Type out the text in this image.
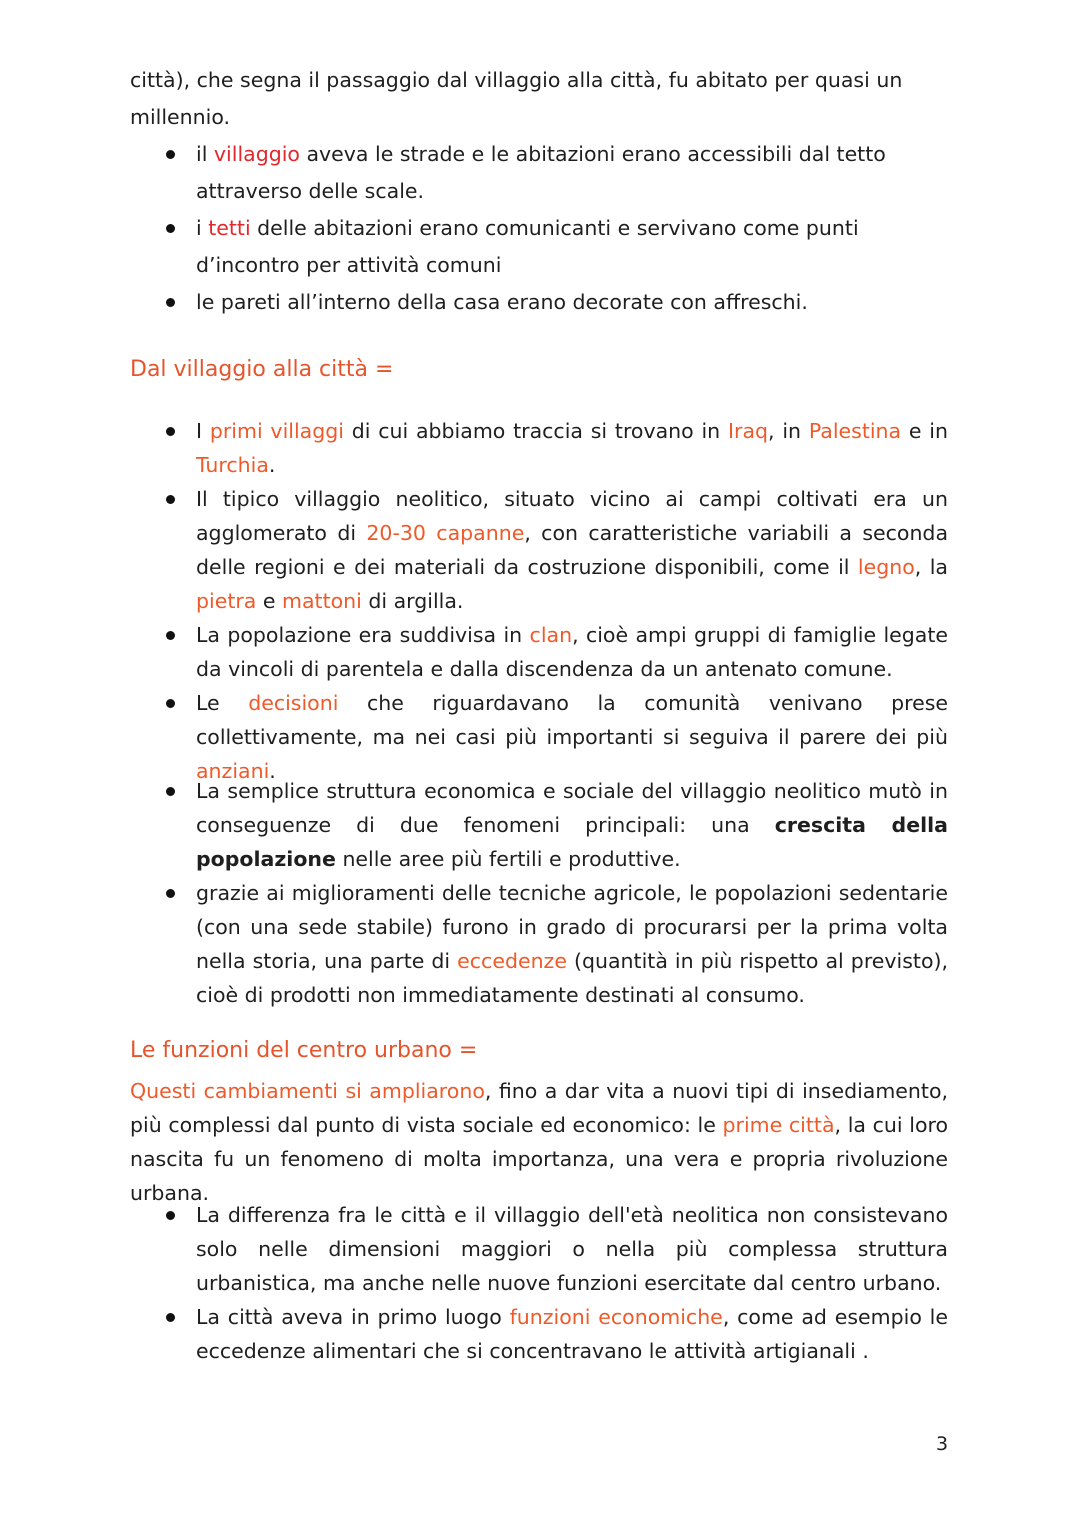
città), che segna il passaggio dal villaggio alla città, fu abitato per quasi un millennio.

il villaggio aveva le strade e le abitazioni erano accessibili dal tetto attraverso delle scale.
i tetti delle abitazioni erano comunicanti e servivano come punti d’incontro per attività comuni
le pareti all’interno della casa erano decorate con affreschi.
Dal villaggio alla città =
I primi villaggi di cui abbiamo traccia si trovano in Iraq, in Palestina e in Turchia.
Il tipico villaggio neolitico, situato vicino ai campi coltivati era un agglomerato di 20-30 capanne, con caratteristiche variabili a seconda delle regioni e dei materiali da costruzione disponibili, come il legno, la pietra e mattoni di argilla.
La popolazione era suddivisa in clan, cioè ampi gruppi di famiglie legate da vincoli di parentela e dalla discendenza da un antenato comune.
Le decisioni che riguardavano la comunità venivano prese collettivamente, ma nei casi più importanti si seguiva il parere dei più anziani.
La semplice struttura economica e sociale del villaggio neolitico mutò in conseguenze di due fenomeni principali: una crescita della popolazione nelle aree più fertili e produttive.
grazie ai miglioramenti delle tecniche agricole, le popolazioni sedentarie (con una sede stabile) furono in grado di procurarsi per la prima volta nella storia, una parte di eccedenze (quantità in più rispetto al previsto), cioè di prodotti non immediatamente destinati al consumo.
Le funzioni del centro urbano =

Questi cambiamenti si ampliarono, fino a dar vita a nuovi tipi di insediamento, più complessi dal punto di vista sociale ed economico: le prime città, la cui loro nascita fu un fenomeno di molta importanza, una vera e propria rivoluzione urbana.

La differenza fra le città e il villaggio dell'età neolitica non consistevano solo nelle dimensioni maggiori o nella più complessa struttura urbanistica, ma anche nelle nuove funzioni esercitate dal centro urbano.
La città aveva in primo luogo funzioni economiche, come ad esempio le eccedenze alimentari che si concentravano le attività artigianali .
3
